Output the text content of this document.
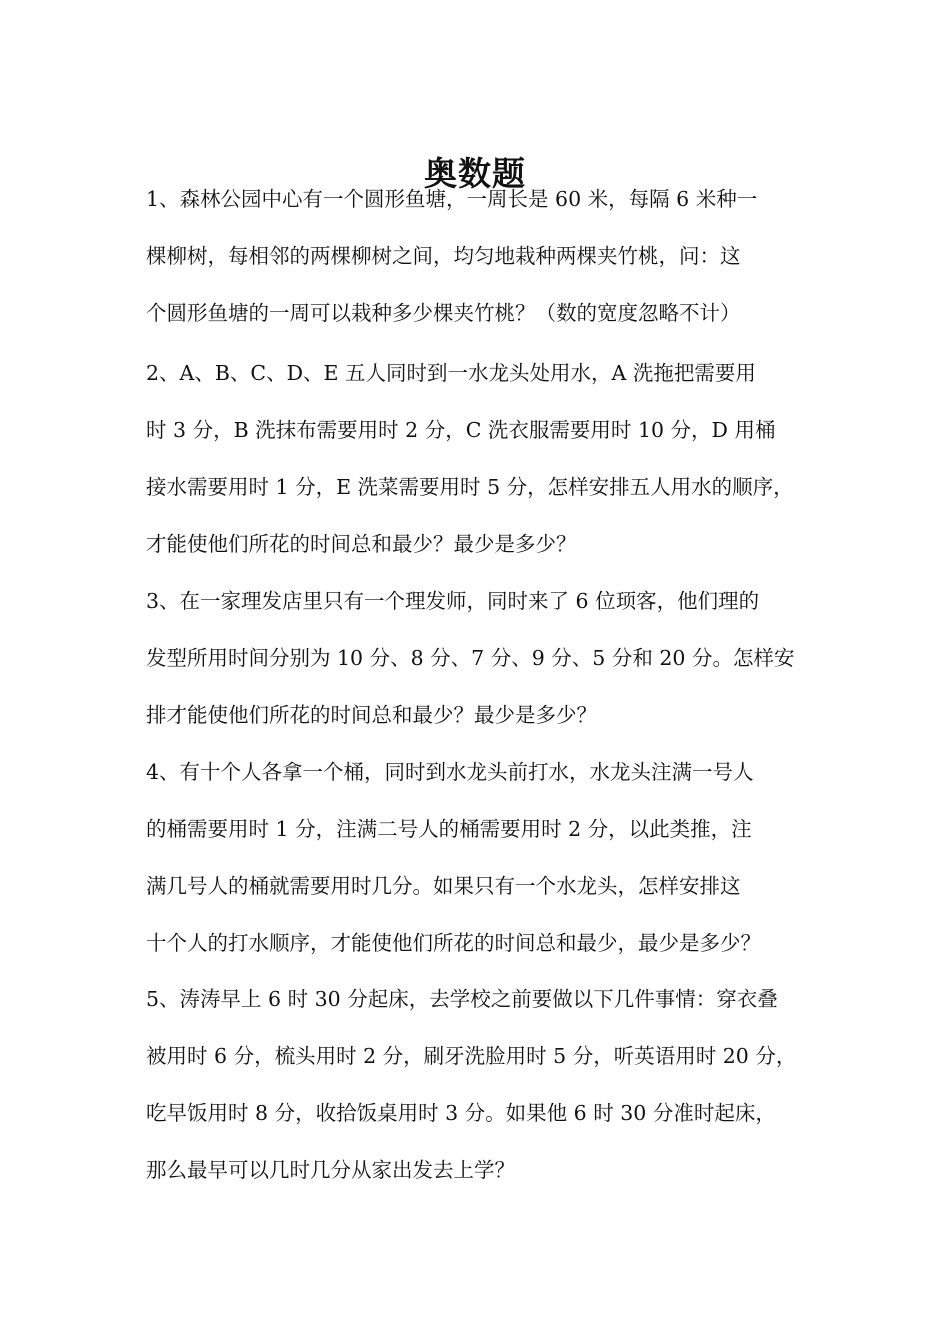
奥数题
1、森林公园中心有一个圆形鱼塘，一周长是 60 米，每隔 6 米种一
棵柳树，每相邻的两棵柳树之间，均匀地栽种两棵夹竹桃，问：这
个圆形鱼塘的一周可以栽种多少棵夹竹桃？（数的宽度忽略不计）
2、A、B、C、D、E 五人同时到一水龙头处用水，A 洗拖把需要用
时 3 分，B 洗抹布需要用时 2 分，C 洗衣服需要用时 10 分，D 用桶
接水需要用时 1 分，E 洗菜需要用时 5 分，怎样安排五人用水的顺序，
才能使他们所花的时间总和最少？最少是多少？
3、在一家理发店里只有一个理发师，同时来了 6 位顼客，他们理的
发型所用时间分别为 10 分、8 分、7 分、9 分、5 分和 20 分。怎样安
排才能使他们所花的时间总和最少？最少是多少？
4、有十个人各拿一个桶，同时到水龙头前打水，水龙头注满一号人
的桶需要用时 1 分，注满二号人的桶需要用时 2 分，以此类推，注
满几号人的桶就需要用时几分。如果只有一个水龙头，怎样安排这
十个人的打水顺序，才能使他们所花的时间总和最少，最少是多少？
5、涛涛早上 6 时 30 分起床，去学校之前要做以下几件事情：穿衣叠
被用时 6 分，梳头用时 2 分，刷牙洗脸用时 5 分，听英语用时 20 分，
吃早饭用时 8 分，收拾饭桌用时 3 分。如果他 6 时 30 分准时起床，
那么最早可以几时几分从家出发去上学？
